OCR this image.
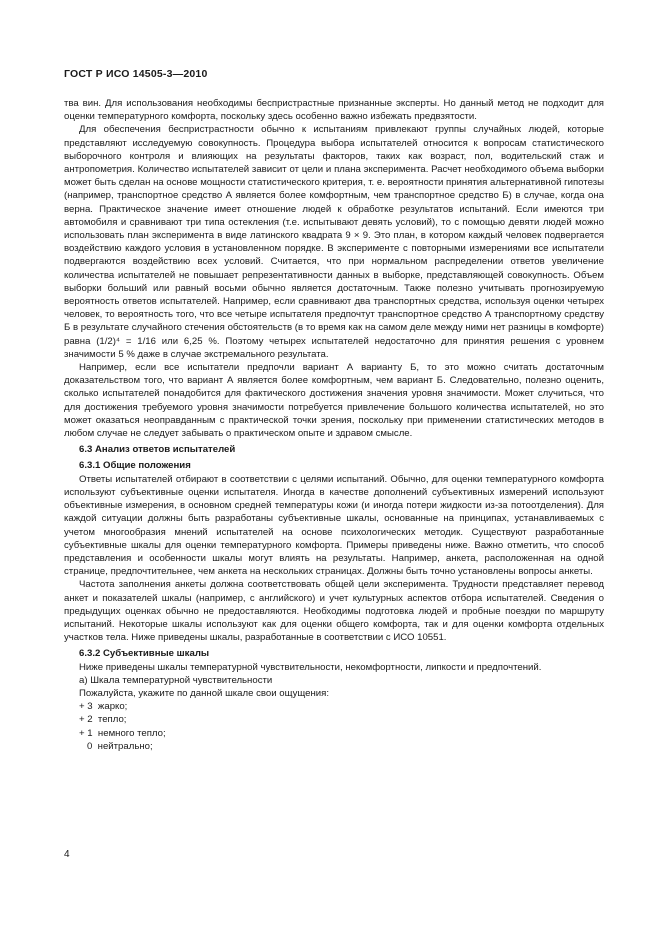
ГОСТ Р ИСО 14505-3—2010

тва вин. Для использования необходимы беспристрастные признанные эксперты. Но данный метод не подходит для оценки температурного комфорта, поскольку здесь особенно важно избежать предвзятости.

Для обеспечения беспристрастности обычно к испытаниям привлекают группы случайных людей, которые представляют исследуемую совокупность. Процедура выбора испытателей относится к вопросам статистического выборочного контроля и влияющих на результаты факторов, таких как возраст, пол, водительский стаж и антропометрия. Количество испытателей зависит от цели и плана эксперимента. Расчет необходимого объема выборки может быть сделан на основе мощности статистического критерия, т. е. вероятности принятия альтернативной гипотезы (например, транспортное средство А является более комфортным, чем транспортное средство Б) в случае, когда она верна. Практическое значение имеет отношение людей к обработке результатов испытаний. Если имеются три автомобиля и сравнивают три типа остекления (т.е. испытывают девять условий), то с помощью девяти людей можно использовать план эксперимента в виде латинского квадрата 9 × 9. Это план, в котором каждый человек подвергается воздействию каждого условия в установленном порядке. В эксперименте с повторными измерениями все испытатели подвергаются воздействию всех условий. Считается, что при нормальном распределении ответов увеличение количества испытателей не повышает репрезентативности данных в выборке, представляющей совокупность. Объем выборки больший или равный восьми обычно является достаточным. Также полезно учитывать прогнозируемую вероятность ответов испытателей. Например, если сравнивают два транспортных средства, используя оценки четырех человек, то вероятность того, что все четыре испытателя предпочтут транспортное средство А транспортному средству Б в результате случайного стечения обстоятельств (в то время как на самом деле между ними нет разницы в комфорте) равна (1/2)⁴ = 1/16 или 6,25 %. Поэтому четырех испытателей недостаточно для принятия решения с уровнем значимости 5 % даже в случае экстремального результата.

Например, если все испытатели предпочли вариант А варианту Б, то это можно считать достаточным доказательством того, что вариант А является более комфортным, чем вариант Б. Следовательно, полезно оценить, сколько испытателей понадобится для фактического достижения значения уровня значимости. Может случиться, что для достижения требуемого уровня значимости потребуется привлечение большого количества испытателей, но это может оказаться неоправданным с практической точки зрения, поскольку при применении статистических методов в любом случае не следует забывать о практическом опыте и здравом смысле.

6.3 Анализ ответов испытателей

6.3.1 Общие положения

Ответы испытателей отбирают в соответствии с целями испытаний. Обычно, для оценки температурного комфорта используют субъективные оценки испытателя. Иногда в качестве дополнений субъективных измерений используют объективные измерения, в основном средней температуры кожи (и иногда потери жидкости из-за потоотделения). Для каждой ситуации должны быть разработаны субъективные шкалы, основанные на принципах, устанавливаемых с учетом многообразия мнений испытателей на основе психологических методик. Существуют разработанные субъективные шкалы для оценки температурного комфорта. Примеры приведены ниже. Важно отметить, что способ представления и особенности шкалы могут влиять на результаты. Например, анкета, расположенная на одной странице, предпочтительнее, чем анкета на нескольких страницах. Должны быть точно установлены вопросы анкеты.

Частота заполнения анкеты должна соответствовать общей цели эксперимента. Трудности представляет перевод анкет и показателей шкалы (например, с английского) и учет культурных аспектов отбора испытателей. Сведения о предыдущих оценках обычно не предоставляются. Необходимы подготовка людей и пробные поездки по маршруту испытаний. Некоторые шкалы используют как для оценки общего комфорта, так и для оценки комфорта отдельных участков тела. Ниже приведены шкалы, разработанные в соответствии с ИСО 10551.

6.3.2 Субъективные шкалы

Ниже приведены шкалы температурной чувствительности, некомфортности, липкости и предпочтений.

а) Шкала температурной чувствительности

Пожалуйста, укажите по данной шкале свои ощущения:

+ 3  жарко;

+ 2  тепло;

+ 1  немного тепло;

0  нейтрально;

4
